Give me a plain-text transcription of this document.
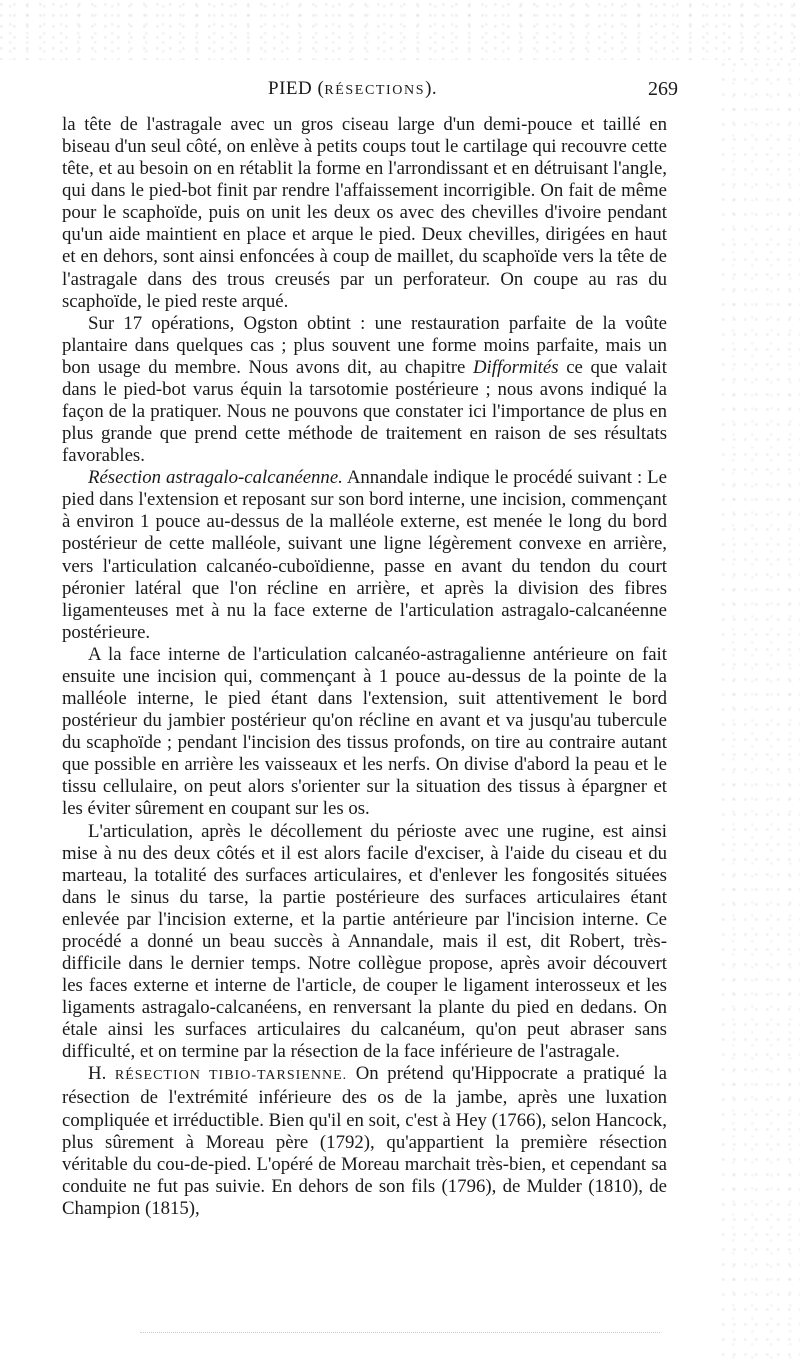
PIED (RÉSECTIONS).	269

la tête de l'astragale avec un gros ciseau large d'un demi-pouce et taillé en biseau d'un seul côté, on enlève à petits coups tout le cartilage qui recouvre cette tête, et au besoin on en rétablit la forme en l'arrondissant et en détruisant l'angle, qui dans le pied-bot finit par rendre l'affaissement incorrigible. On fait de même pour le scaphoïde, puis on unit les deux os avec des chevilles d'ivoire pendant qu'un aide maintient en place et arque le pied. Deux chevilles, dirigées en haut et en dehors, sont ainsi enfoncées à coup de maillet, du scaphoïde vers la tête de l'astragale dans des trous creusés par un perforateur. On coupe au ras du scaphoïde, le pied reste arqué.

Sur 17 opérations, Ogston obtint : une restauration parfaite de la voûte plantaire dans quelques cas ; plus souvent une forme moins parfaite, mais un bon usage du membre. Nous avons dit, au chapitre Difformités ce que valait dans le pied-bot varus équin la tarsotomie postérieure ; nous avons indiqué la façon de la pratiquer. Nous ne pouvons que constater ici l'importance de plus en plus grande que prend cette méthode de traitement en raison de ses résultats favorables.

Résection astragalo-calcanéenne. Annandale indique le procédé suivant : Le pied dans l'extension et reposant sur son bord interne, une incision, commençant à environ 1 pouce au-dessus de la malléole externe, est menée le long du bord postérieur de cette malléole, suivant une ligne légèrement convexe en arrière, vers l'articulation calcanéo-cuboïdienne, passe en avant du tendon du court péronier latéral que l'on récline en arrière, et après la division des fibres ligamenteuses met à nu la face externe de l'articulation astragalo-calcanéenne postérieure.

A la face interne de l'articulation calcanéo-astragalienne antérieure on fait ensuite une incision qui, commençant à 1 pouce au-dessus de la pointe de la malléole interne, le pied étant dans l'extension, suit attentivement le bord postérieur du jambier postérieur qu'on récline en avant et va jusqu'au tubercule du scaphoïde ; pendant l'incision des tissus profonds, on tire au contraire autant que possible en arrière les vaisseaux et les nerfs. On divise d'abord la peau et le tissu cellulaire, on peut alors s'orienter sur la situation des tissus à épargner et les éviter sûrement en coupant sur les os.

L'articulation, après le décollement du périoste avec une rugine, est ainsi mise à nu des deux côtés et il est alors facile d'exciser, à l'aide du ciseau et du marteau, la totalité des surfaces articulaires, et d'enlever les fongosités situées dans le sinus du tarse, la partie postérieure des surfaces articulaires étant enlevée par l'incision externe, et la partie antérieure par l'incision interne. Ce procédé a donné un beau succès à Annandale, mais il est, dit Robert, très-difficile dans le dernier temps. Notre collègue propose, après avoir découvert les faces externe et interne de l'article, de couper le ligament interosseux et les ligaments astragalo-calcanéens, en renversant la plante du pied en dedans. On étale ainsi les surfaces articulaires du calcanéum, qu'on peut abraser sans difficulté, et on termine par la résection de la face inférieure de l'astragale.

H. RÉSECTION TIBIO-TARSIENNE. On prétend qu'Hippocrate a pratiqué la résection de l'extrémité inférieure des os de la jambe, après une luxation compliquée et irréductible. Bien qu'il en soit, c'est à Hey (1766), selon Hancock, plus sûrement à Moreau père (1792), qu'appartient la première résection véritable du cou-de-pied. L'opéré de Moreau marchait très-bien, et cependant sa conduite ne fut pas suivie. En dehors de son fils (1796), de Mulder (1810), de Champion (1815),
